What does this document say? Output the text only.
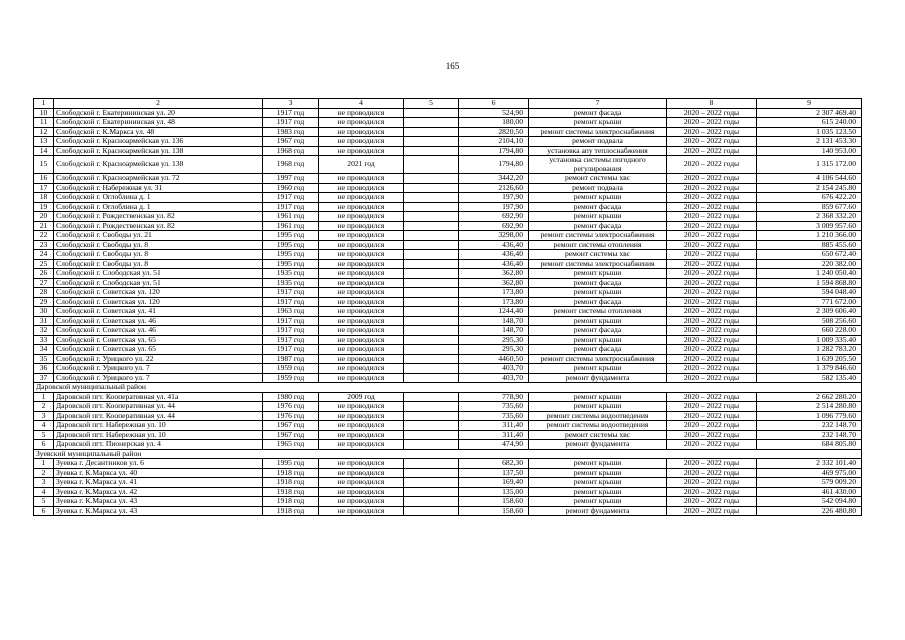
165
1	2	3	4	5	6	7	8	9
10	Слободской г. Екатерининская ул. 20	1917 год	не проводился		524,90	ремонт фасада	2020 – 2022 годы	2 307 469.40
11	Слободской г. Екатерининская ул. 48	1917 год	не проводился		180,00	ремонт крыши	2020 – 2022 годы	615 240.00
12	Слободской г. К.Маркса ул. 48	1983 год	не проводился		2820,50	ремонт системы электроснабжения	2020 – 2022 годы	1 035 123.50
13	Слободской г. Красноармейская ул. 136	1967 год	не проводился		2104,10	ремонт подвала	2020 – 2022 годы	2 131 453.30
14	Слободской г. Красноармейская ул. 138	1968 год	не проводился		1794,80	установка апу теплоснабжения	2020 – 2022 годы	140 953.00
15	Слободской г. Красноармейская ул. 138	1968 год	2021 год		1794,80	установка системы погодного регулирования	2020 – 2022 годы	1 315 172.00
16	Слободской г. Красноармейская ул. 72	1997 год	не проводился		3442,20	ремонт системы хвс	2020 – 2022 годы	4 106 544.60
17	Слободской г. Набережная ул. 31	1960 год	не проводился		2126,60	ремонт подвала	2020 – 2022 годы	2 154 245.80
18	Слободской г. Оглоблина д. 1	1917 год	не проводился		197,90	ремонт крыши	2020 – 2022 годы	676 422.20
19	Слободской г. Оглоблина д. 1	1917 год	не проводился		197,90	ремонт фасада	2020 – 2022 годы	859 677.60
20	Слободской г. Рождественская ул. 82	1961 год	не проводился		692,90	ремонт крыши	2020 – 2022 годы	2 368 332.20
21	Слободской г. Рождественская ул. 82	1961 год	не проводился		692,90	ремонт фасада	2020 – 2022 годы	3 009 957.60
22	Слободской г. Свободы ул. 21	1995 год	не проводился		3298,00	ремонт системы электроснабжения	2020 – 2022 годы	1 210 366.00
23	Слободской г. Свободы ул. 8	1995 год	не проводился		436,40	ремонт системы отопления	2020 – 2022 годы	885 455.60
24	Слободской г. Свободы ул. 8	1995 год	не проводился		436,40	ремонт системы хвс	2020 – 2022 годы	650 672.40
25	Слободской г. Свободы ул. 8	1995 год	не проводился		436,40	ремонт системы электроснабжения	2020 – 2022 годы	220 382.00
26	Слободской г. Слободская ул. 51	1935 год	не проводился		362,80	ремонт крыши	2020 – 2022 годы	1 240 050.40
27	Слободской г. Слободская ул. 51	1935 год	не проводился		362,80	ремонт фасада	2020 – 2022 годы	1 594 868.80
28	Слободской г. Советская ул. 120	1917 год	не проводился		173,80	ремонт крыши	2020 – 2022 годы	594 048.40
29	Слободской г. Советская ул. 120	1917 год	не проводился		173,80	ремонт фасада	2020 – 2022 годы	771 672.00
30	Слободской г. Советская ул. 41	1963 год	не проводился		1244,40	ремонт системы отопления	2020 – 2022 годы	2 309 606.40
31	Слободской г. Советская ул. 46	1917 год	не проводился		148,70	ремонт крыши	2020 – 2022 годы	508 256.60
32	Слободской г. Советская ул. 46	1917 год	не проводился		148,70	ремонт фасада	2020 – 2022 годы	660 228.00
33	Слободской г. Советская ул. 65	1917 год	не проводился		295,30	ремонт крыши	2020 – 2022 годы	1 009 335.40
34	Слободской г. Советская ул. 65	1917 год	не проводился		295,30	ремонт фасада	2020 – 2022 годы	1 282 783.20
35	Слободской г. Урицкого ул. 22	1987 год	не проводился		4460,50	ремонт системы электроснабжения	2020 – 2022 годы	1 639 205.50
36	Слободской г. Урицкого ул. 7	1959 год	не проводился		403,70	ремонт крыши	2020 – 2022 годы	1 379 846.60
37	Слободской г. Урицкого ул. 7	1959 год	не проводился		403,70	ремонт фундамента	2020 – 2022 годы	582 135.40
Даровской муниципальный район								
1	Даровской пгт. Кооперативная ул. 41а	1980 год	2009 год		778,90	ремонт крыши	2020 – 2022 годы	2 662 280.20
2	Даровской пгт. Кооперативная ул. 44	1976 год	не проводился		735,60	ремонт крыши	2020 – 2022 годы	2 514 280.80
3	Даровской пгт. Кооперативная ул. 44	1976 год	не проводился		735,60	ремонт системы водоотведения	2020 – 2022 годы	1 096 779.60
4	Даровской пгт. Набережная ул. 10	1967 год	не проводился		311,40	ремонт системы водоотведения	2020 – 2022 годы	232 148.70
5	Даровской пгт. Набережная ул. 10	1967 год	не проводился		311,40	ремонт системы хвс	2020 – 2022 годы	232 148.70
6	Даровской пгт. Пионерская ул. 4	1965 год	не проводился		474,90	ремонт фундамента	2020 – 2022 годы	684 805.80
Зуевский муниципальный район								
1	Зуевка г. Десантников ул. 6	1995 год	не проводился		682,30	ремонт крыши	2020 – 2022 годы	2 332 101.40
2	Зуевка г. К.Маркса ул. 40	1918 год	не проводился		137,50	ремонт крыши	2020 – 2022 годы	469 975.00
3	Зуевка г. К.Маркса ул. 41	1918 год	не проводился		169,40	ремонт крыши	2020 – 2022 годы	579 009.20
4	Зуевка г. К.Маркса ул. 42	1918 год	не проводился		135,00	ремонт крыши	2020 – 2022 годы	461 430.00
5	Зуевка г. К.Маркса ул. 43	1918 год	не проводился		158,60	ремонт крыши	2020 – 2022 годы	542 094.80
6	Зуевка г. К.Маркса ул. 43	1918 год	не проводился		158,60	ремонт фундамента	2020 – 2022 годы	226 480.80
